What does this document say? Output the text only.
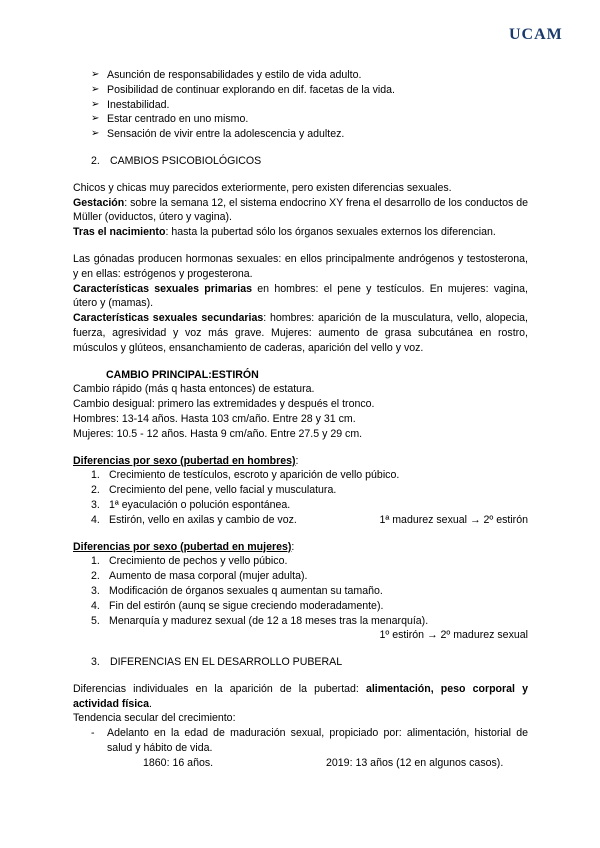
UCAM
➢ Asunción de responsabilidades y estilo de vida adulto.
➢ Posibilidad de continuar explorando en dif. facetas de la vida.
➢ Inestabilidad.
➢ Estar centrado en uno mismo.
➢ Sensación de vivir entre la adolescencia y adultez.
2. CAMBIOS PSICOBIOLÓGICOS

Chicos y chicas muy parecidos exteriormente, pero existen diferencias sexuales.

Gestación: sobre la semana 12, el sistema endocrino XY frena el desarrollo de los conductos de Müller (oviductos, útero y vagina).

Tras el nacimiento: hasta la pubertad sólo los órganos sexuales externos los diferencian.

Las gónadas producen hormonas sexuales: en ellos principalmente andrógenos y testosterona, y en ellas: estrógenos y progesterona.

Características sexuales primarias en hombres: el pene y testículos. En mujeres: vagina, útero y (mamas).

Características sexuales secundarias: hombres: aparición de la musculatura, vello, alopecia, fuerza, agresividad y voz más grave. Mujeres: aumento de grasa subcutánea en rostro, músculos y glúteos, ensanchamiento de caderas, aparición del vello y voz.

CAMBIO PRINCIPAL:ESTIRÓN

Cambio rápido (más q hasta entonces) de estatura.

Cambio desigual: primero las extremidades y después el tronco.

Hombres: 13-14 años. Hasta 103 cm/año. Entre 28 y 31 cm.

Mujeres: 10.5 - 12 años. Hasta 9 cm/año. Entre 27.5 y 29 cm.

Diferencias por sexo (pubertad en hombres):

1. Crecimiento de testículos, escroto y aparición de vello púbico.
2. Crecimiento del pene, vello facial y musculatura.
3. 1ª eyaculación o polución espontánea.
4. Estirón, vello en axilas y cambio de voz.	1ª madurez sexual → 2º estirón

Diferencias por sexo (pubertad en mujeres):

1. Crecimiento de pechos y vello púbico.
2. Aumento de masa corporal (mujer adulta).
3. Modificación de órganos sexuales q aumentan su tamaño.
4. Fin del estirón (aunq se sigue creciendo moderadamente).
5. Menarquía y madurez sexual (de 12 a 18 meses tras la menarquía).

1º estirón → 2º madurez sexual

3. DIFERENCIAS EN EL DESARROLLO PUBERAL

Diferencias individuales en la aparición de la pubertad: alimentación, peso corporal y actividad física.

Tendencia secular del crecimiento:

- Adelanto en la edad de maduración sexual, propiciado por: alimentación, historial de salud y hábito de vida.
1860: 16 años.	2019: 13 años (12 en algunos casos).
